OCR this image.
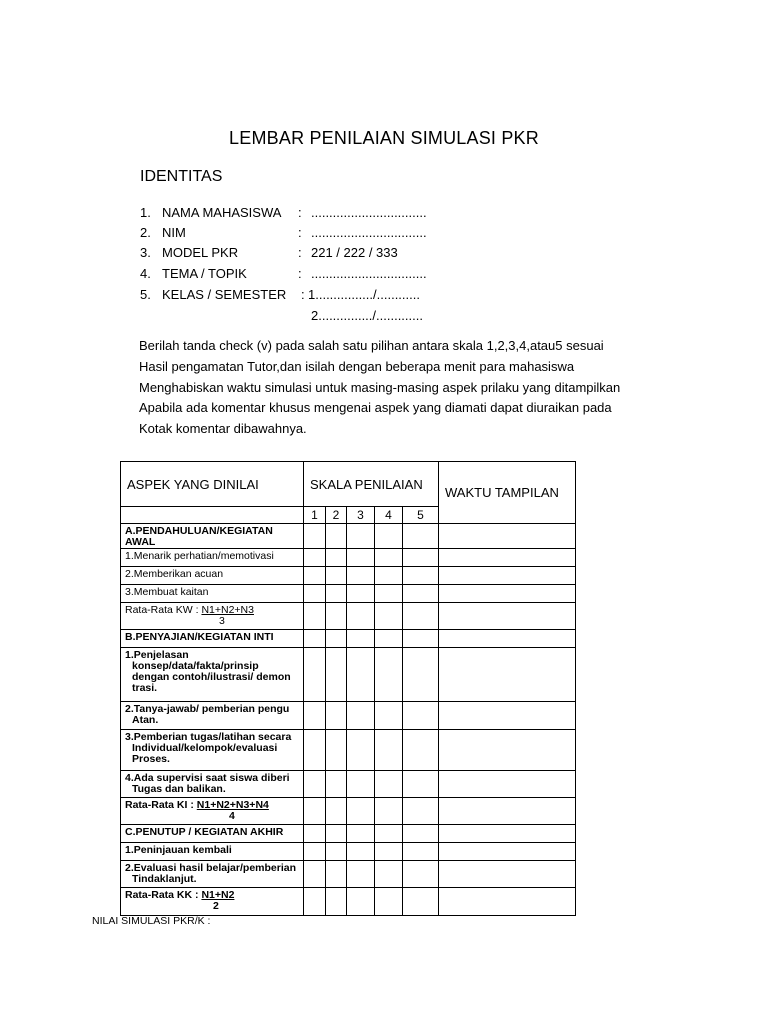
LEMBAR PENILAIAN SIMULASI PKR
IDENTITAS
1. NAMA MAHASISWA : ................................
2. NIM	: ................................
3. MODEL PKR	: 221 / 222 / 333
4. TEMA / TOPIK	: ................................
5. KELAS / SEMESTER : 1................/............
2.............../.............
Berilah tanda check (v) pada salah satu pilihan antara skala 1,2,3,4,atau5 sesuai
Hasil pengamatan Tutor,dan isilah dengan beberapa menit para mahasiswa
Menghabiskan waktu simulasi untuk masing-masing aspek prilaku yang ditampilkan
Apabila ada komentar khusus mengenai aspek yang diamati dapat diuraikan pada
Kotak komentar dibawahnya.
ASPEK YANG DINILAI	SKALA PENILAIAN					WAKTU TAMPILAN
	1	2	3	4	5	
A.PENDAHULUAN/KEGIATAN AWAL						
1.Menarik perhatian/memotivasi						
2.Memberikan acuan						
3.Membuat kaitan						
Rata-Rata KW : N1+N2+N3
3						

B.PENYAJIAN/KEGIATAN INTI						

1.Penjelasan
konsep/data/fakta/prinsip
dengan contoh/ilustrasi/ demon
trasi.						

2.Tanya-jawab/ pemberian pengu
Atan.						

3.Pemberian tugas/latihan secara
Individual/kelompok/evaluasi
Proses.						

4.Ada supervisi saat siswa diberi
Tugas dan balikan.						

Rata-Rata KI : N1+N2+N3+N4
4						

C.PENUTUP / KEGIATAN AKHIR						
1.Peninjauan kembali						

2.Evaluasi hasil belajar/pemberian
Tindaklanjut.						

Rata-Rata KK : N1+N2
2						

NILAI SIMULASI PKR/K :
